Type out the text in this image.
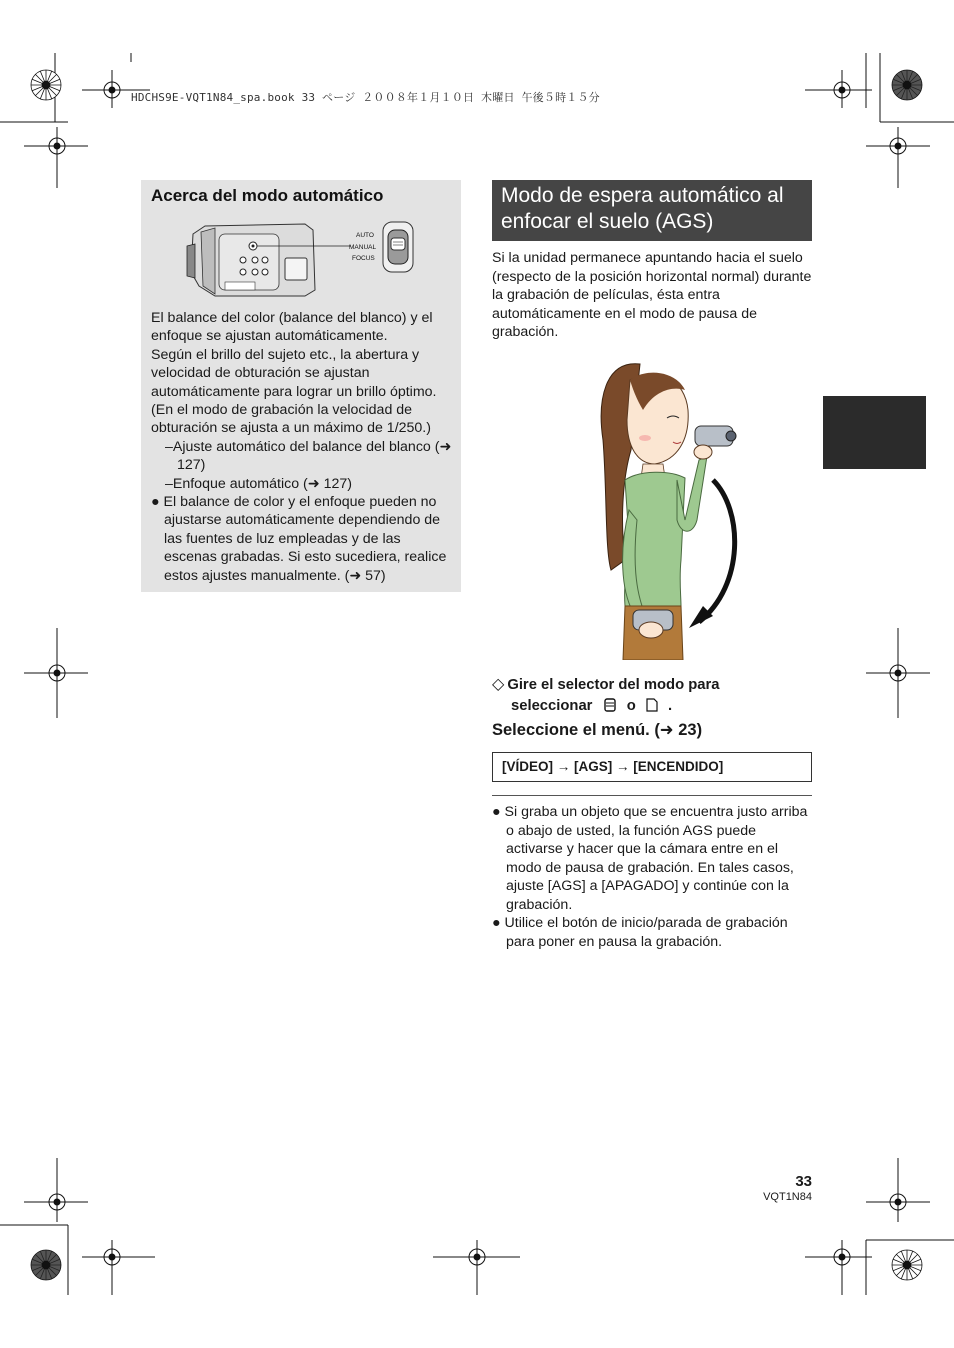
HDCHS9E-VQT1N84_spa.book 33 ページ ２００８年１月１０日 木曜日 午後５時１５分
Acerca del modo automático
AUTO
MANUAL
FOCUS

El balance del color (balance del blanco) y el enfoque se ajustan automáticamente.

Según el brillo del sujeto etc., la abertura y velocidad de obturación se ajustan automáticamente para lograr un brillo óptimo. (En el modo de grabación la velocidad de obturación se ajusta a un máximo de 1/250.)

–Ajuste automático del balance del blanco (➜ 127)

–Enfoque automático (➜ 127)

● El balance de color y el enfoque pueden no ajustarse automáticamente dependiendo de las fuentes de luz empleadas y de las escenas grabadas. Si esto sucediera, realice estos ajustes manualmente. (➜ 57)

Modo de espera automático al enfocar el suelo (AGS)
Si la unidad permanece apuntando hacia el suelo (respecto de la posición horizontal normal) durante la grabación de películas, ésta entra automáticamente en el modo de pausa de grabación.
◇ Gire el selector del modo para
seleccionar o .
Seleccione el menú. (➜ 23)
[VÍDEO] → [AGS] → [ENCENDIDO]

● Si graba un objeto que se encuentra justo arriba o abajo de usted, la función AGS puede activarse y hacer que la cámara entre en el modo de pausa de grabación. En tales casos, ajuste [AGS] a [APAGADO] y continúe con la grabación.

● Utilice el botón de inicio/parada de grabación para poner en pausa la grabación.

33
VQT1N84
